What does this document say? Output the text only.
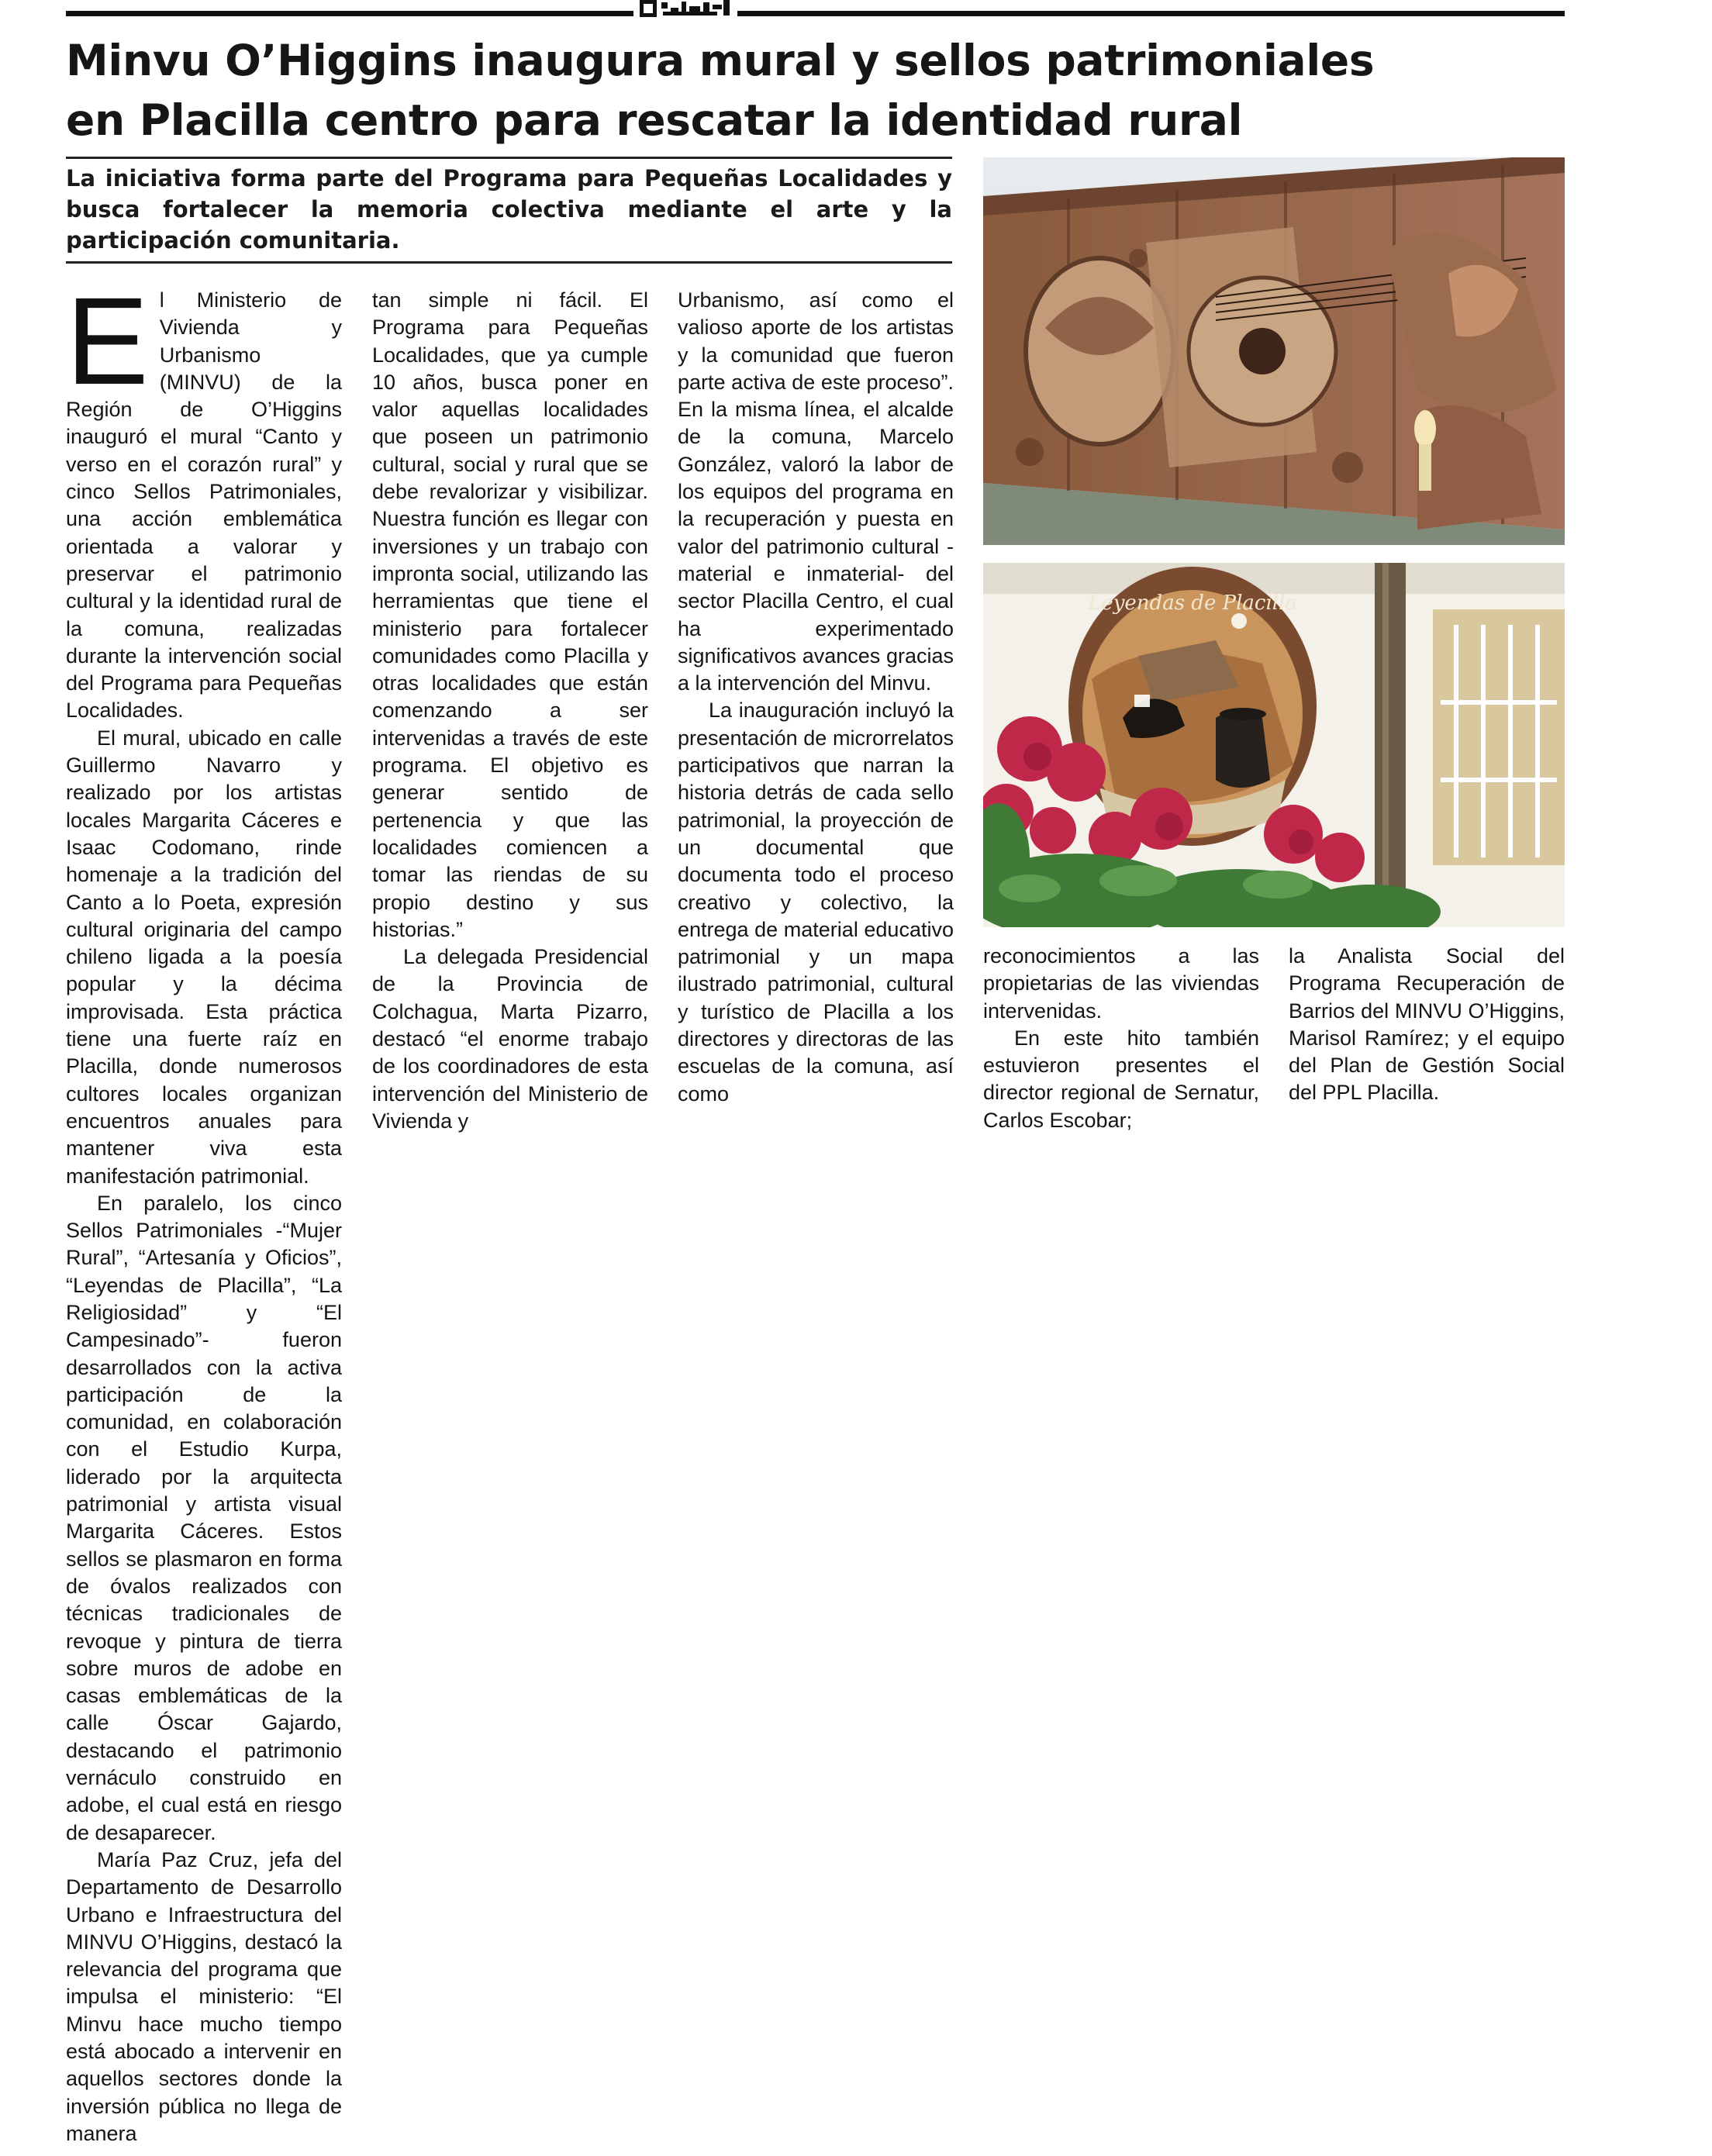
Minvu O’Higgins inaugura mural y sellos patrimoniales
en Placilla centro para rescatar la identidad rural

La iniciativa forma parte del Programa para Pequeñas Localidades y busca fortalecer la memoria colectiva mediante el arte y la participación comunitaria.

El Ministerio de Vivienda y Urbanismo (MINVU) de la Región de O’Higgins inauguró el mural “Canto y verso en el corazón rural” y cinco Sellos Patrimoniales, una acción emblemática orientada a valorar y preservar el patrimonio cultural y la identidad rural de la comuna, realizadas durante la intervención social del Programa para Pequeñas Localidades.

El mural, ubicado en calle Guillermo Navarro y realizado por los artistas locales Margarita Cáceres e Isaac Codomano, rinde homenaje a la tradición del Canto a lo Poeta, expresión cultural originaria del campo chileno ligada a la poesía popular y la décima improvisada. Esta práctica tiene una fuerte raíz en Placilla, donde numerosos cultores locales organizan encuentros anuales para mantener viva esta manifestación patrimonial.

En paralelo, los cinco Sellos Patrimoniales -“Mujer Rural”, “Artesanía y Oficios”, “Leyendas de Placilla”, “La Religiosidad” y “El Campesinado”- fueron desarrollados con la activa participación de la comunidad, en colaboración con el Estudio Kurpa, liderado por la arquitecta patrimonial y artista visual Margarita Cáceres. Estos sellos se plasmaron en forma de óvalos realizados con técnicas tradicionales de revoque y pintura de tierra sobre muros de adobe en casas emblemáticas de la calle Óscar Gajardo, destacando el patrimonio vernáculo construido en adobe, el cual está en riesgo de desaparecer.

María Paz Cruz, jefa del Departamento de Desarrollo Urbano e Infraestructura del MINVU O’Higgins, destacó la relevancia del programa que impulsa el ministerio: “El Minvu hace mucho tiempo está abocado a intervenir en aquellos sectores donde la inversión pública no llega de manera

tan simple ni fácil. El Programa para Pequeñas Localidades, que ya cumple 10 años, busca poner en valor aquellas localidades que poseen un patrimonio cultural, social y rural que se debe revalorizar y visibilizar. Nuestra función es llegar con inversiones y un trabajo con impronta social, utilizando las herramientas que tiene el ministerio para fortalecer comunidades como Placilla y otras localidades que están comenzando a ser intervenidas a través de este programa. El objetivo es generar sentido de pertenencia y que las localidades comiencen a tomar las riendas de su propio destino y sus historias.”

La delegada Presidencial de la Provincia de Colchagua, Marta Pizarro, destacó “el enorme trabajo de los coordinadores de esta intervención del Ministerio de Vivienda y

Urbanismo, así como el valioso aporte de los artistas y la comunidad que fueron parte activa de este proceso”. En la misma línea, el alcalde de la comuna, Marcelo González, valoró la labor de los equipos del programa en la recuperación y puesta en valor del patrimonio cultural -material e inmaterial- del sector Placilla Centro, el cual ha experimentado significativos avances gracias a la intervención del Minvu.

La inauguración incluyó la presentación de microrrelatos participativos que narran la historia detrás de cada sello patrimonial, la proyección de un documental que documenta todo el proceso creativo y colectivo, la entrega de material educativo patrimonial y un mapa ilustrado patrimonial, cultural y turístico de Placilla a los directores y directoras de las escuelas de la comuna, así como

reconocimientos a las propietarias de las viviendas intervenidas.

En este hito también estuvieron presentes el director regional de Sernatur, Carlos Escobar;

la Analista Social del Programa Recuperación de Barrios del MINVU O’Higgins, Marisol Ramírez; y el equipo del Plan de Gestión Social del PPL Placilla.

Leyendas de Placilla
